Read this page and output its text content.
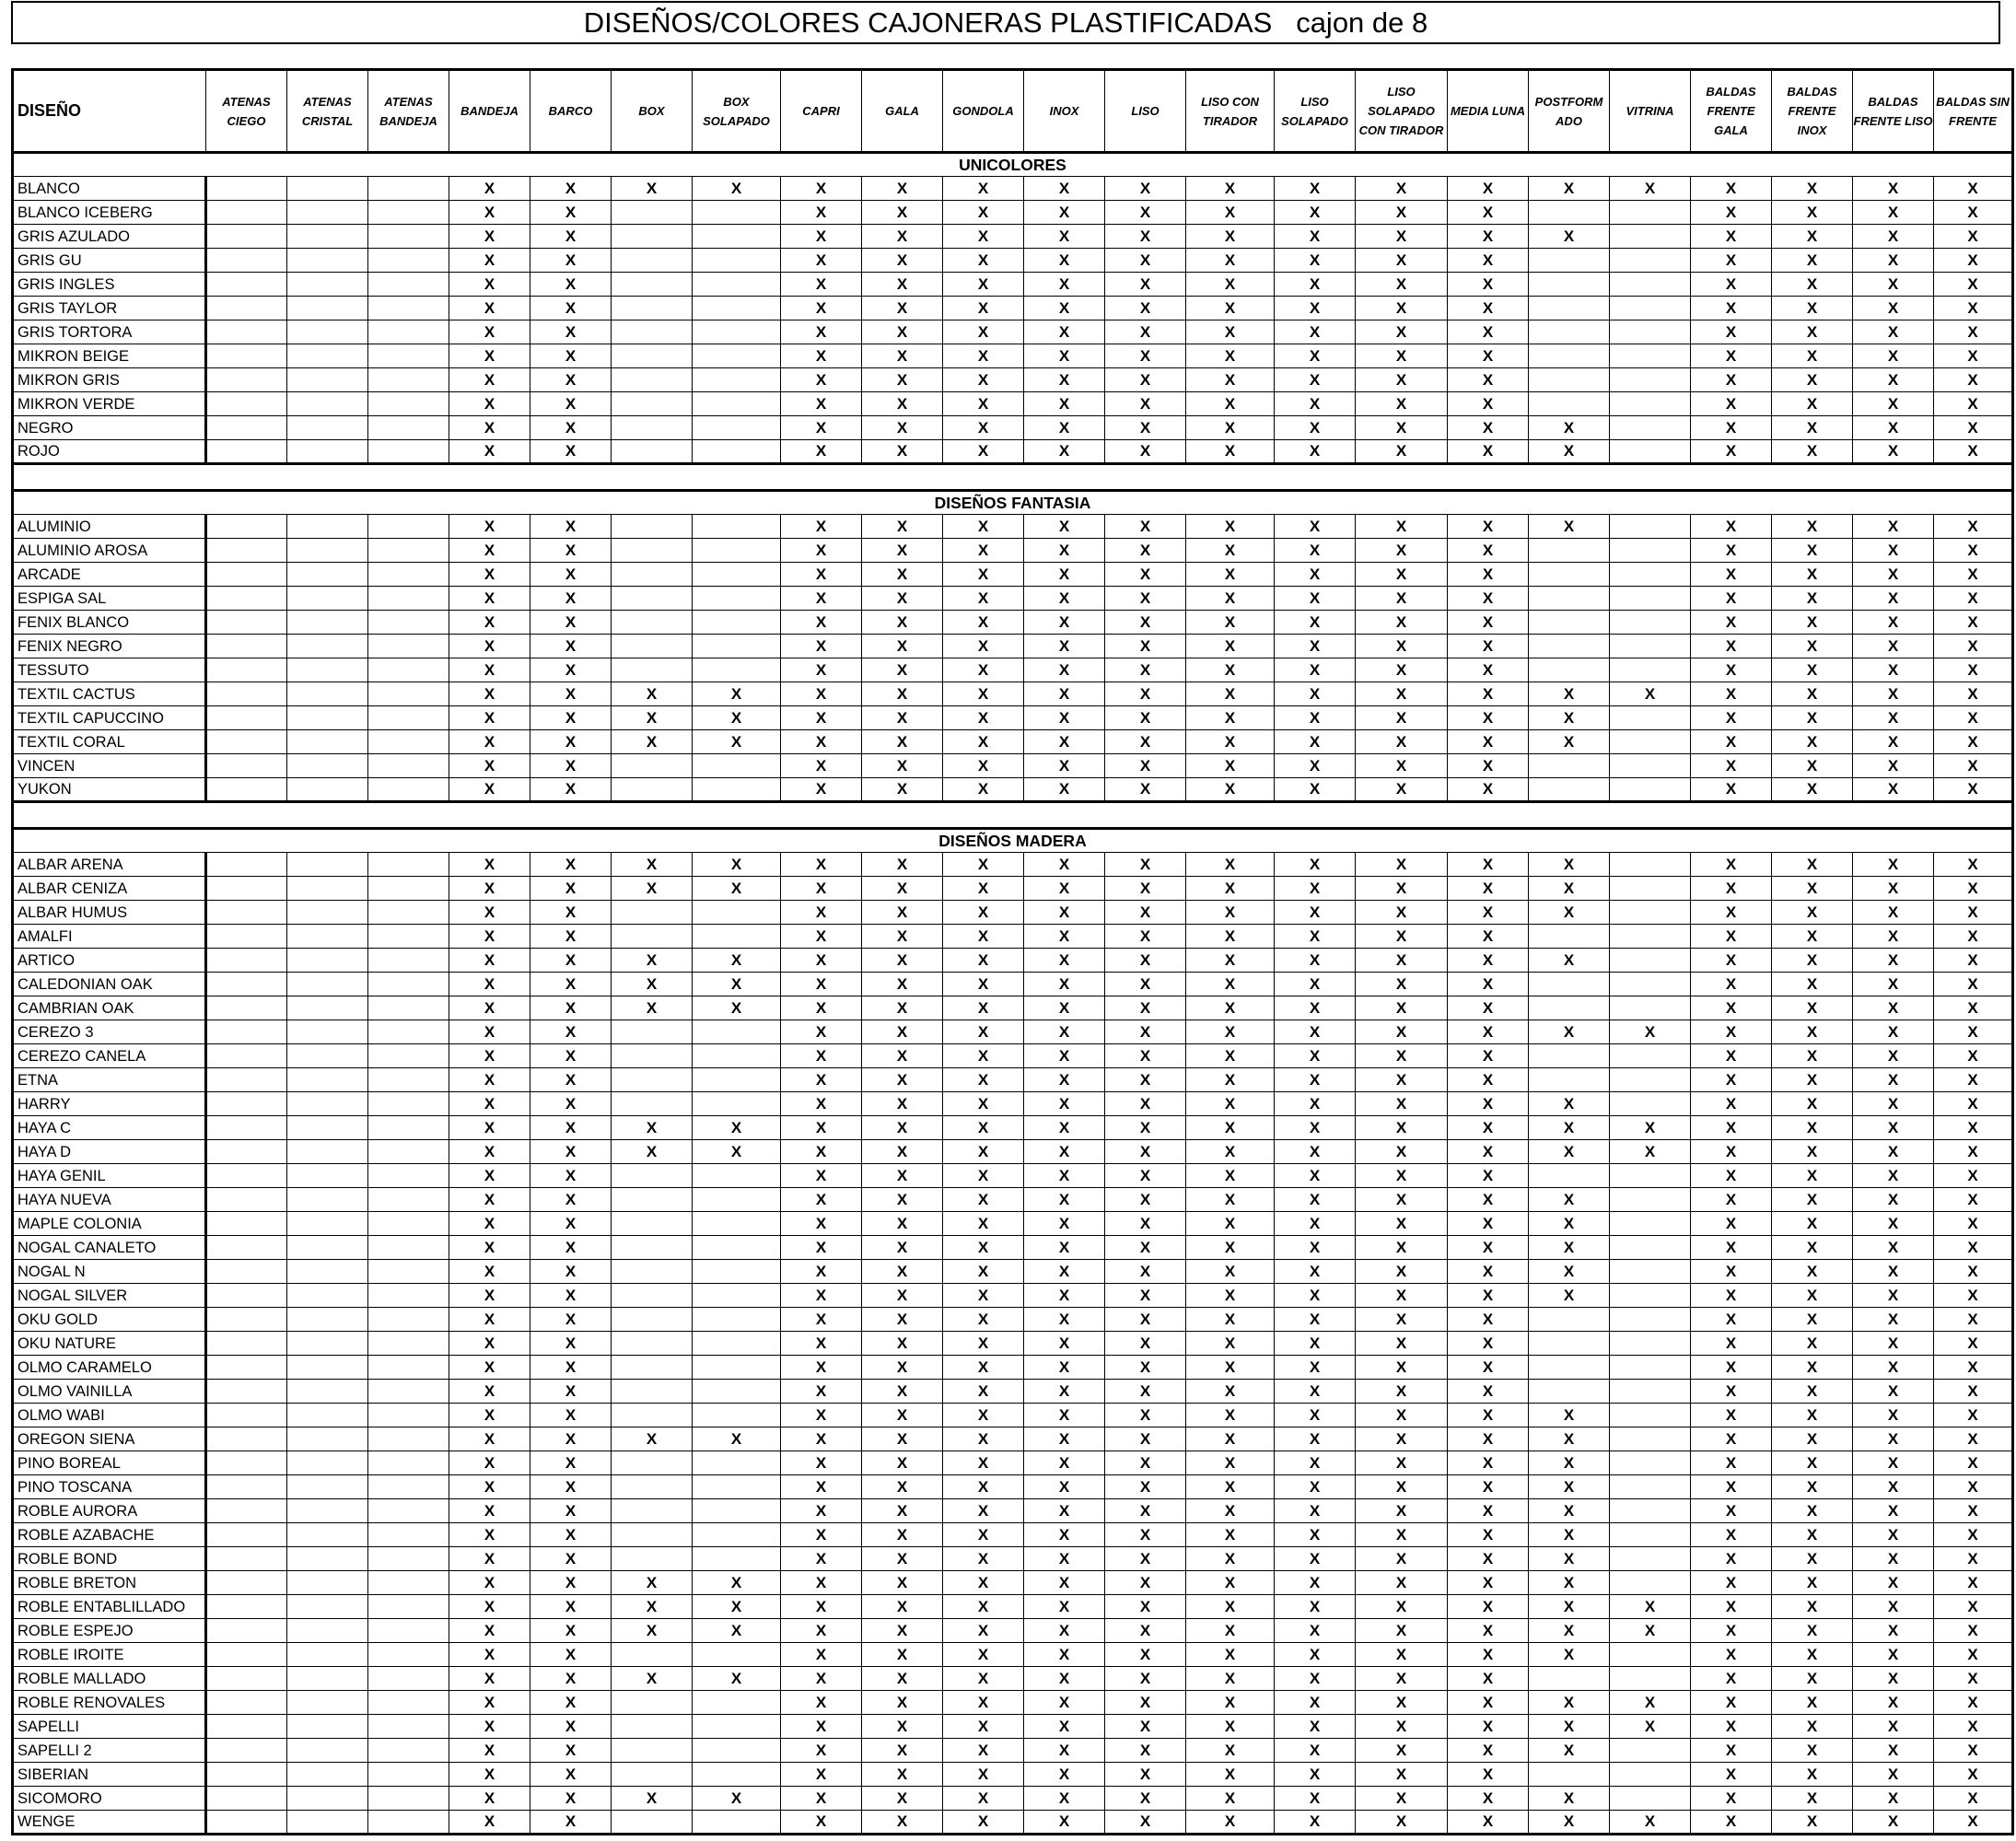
DISEÑOS/COLORES CAJONERAS PLASTIFICADAS   cajon de 8
DISEÑO	ATENAS CIEGO	ATENAS CRISTAL	ATENAS BANDEJA	BANDEJA	BARCO	BOX	BOX SOLAPADO	CAPRI	GALA	GONDOLA	INOX	LISO	LISO CON TIRADOR	LISO SOLAPADO	LISO SOLAPADO CON TIRADOR	MEDIA LUNA	POSTFORM ADO	VITRINA	BALDAS FRENTE GALA	BALDAS FRENTE INOX	BALDAS FRENTE LISO	BALDAS SIN FRENTE
UNICOLORES																						
BLANCO				X	X	X	X	X	X	X	X	X	X	X	X	X	X	X	X	X	X	X
BLANCO ICEBERG				X	X			X	X	X	X	X	X	X	X	X			X	X	X	X
GRIS AZULADO				X	X			X	X	X	X	X	X	X	X	X	X		X	X	X	X
GRIS GU				X	X			X	X	X	X	X	X	X	X	X			X	X	X	X
GRIS INGLES				X	X			X	X	X	X	X	X	X	X	X			X	X	X	X
GRIS TAYLOR				X	X			X	X	X	X	X	X	X	X	X			X	X	X	X
GRIS TORTORA				X	X			X	X	X	X	X	X	X	X	X			X	X	X	X
MIKRON BEIGE				X	X			X	X	X	X	X	X	X	X	X			X	X	X	X
MIKRON GRIS				X	X			X	X	X	X	X	X	X	X	X			X	X	X	X
MIKRON VERDE				X	X			X	X	X	X	X	X	X	X	X			X	X	X	X
NEGRO				X	X			X	X	X	X	X	X	X	X	X	X		X	X	X	X
ROJO				X	X			X	X	X	X	X	X	X	X	X	X		X	X	X	X

DISEÑOS FANTASIA																						
ALUMINIO				X	X			X	X	X	X	X	X	X	X	X	X		X	X	X	X
ALUMINIO AROSA				X	X			X	X	X	X	X	X	X	X	X			X	X	X	X
ARCADE				X	X			X	X	X	X	X	X	X	X	X			X	X	X	X
ESPIGA SAL				X	X			X	X	X	X	X	X	X	X	X			X	X	X	X
FENIX BLANCO				X	X			X	X	X	X	X	X	X	X	X			X	X	X	X
FENIX NEGRO				X	X			X	X	X	X	X	X	X	X	X			X	X	X	X
TESSUTO				X	X			X	X	X	X	X	X	X	X	X			X	X	X	X
TEXTIL CACTUS				X	X	X	X	X	X	X	X	X	X	X	X	X	X	X	X	X	X	X
TEXTIL CAPUCCINO				X	X	X	X	X	X	X	X	X	X	X	X	X	X		X	X	X	X
TEXTIL CORAL				X	X	X	X	X	X	X	X	X	X	X	X	X	X		X	X	X	X
VINCEN				X	X			X	X	X	X	X	X	X	X	X			X	X	X	X
YUKON				X	X			X	X	X	X	X	X	X	X	X			X	X	X	X

DISEÑOS MADERA																						
ALBAR ARENA				X	X	X	X	X	X	X	X	X	X	X	X	X	X		X	X	X	X
ALBAR CENIZA				X	X	X	X	X	X	X	X	X	X	X	X	X	X		X	X	X	X
ALBAR HUMUS				X	X			X	X	X	X	X	X	X	X	X	X		X	X	X	X
AMALFI				X	X			X	X	X	X	X	X	X	X	X			X	X	X	X
ARTICO				X	X	X	X	X	X	X	X	X	X	X	X	X	X		X	X	X	X
CALEDONIAN OAK				X	X	X	X	X	X	X	X	X	X	X	X	X			X	X	X	X
CAMBRIAN OAK				X	X	X	X	X	X	X	X	X	X	X	X	X			X	X	X	X
CEREZO 3				X	X			X	X	X	X	X	X	X	X	X	X	X	X	X	X	X
CEREZO CANELA				X	X			X	X	X	X	X	X	X	X	X			X	X	X	X
ETNA				X	X			X	X	X	X	X	X	X	X	X			X	X	X	X
HARRY				X	X			X	X	X	X	X	X	X	X	X	X		X	X	X	X
HAYA C				X	X	X	X	X	X	X	X	X	X	X	X	X	X	X	X	X	X	X
HAYA D				X	X	X	X	X	X	X	X	X	X	X	X	X	X	X	X	X	X	X
HAYA GENIL				X	X			X	X	X	X	X	X	X	X	X			X	X	X	X
HAYA NUEVA				X	X			X	X	X	X	X	X	X	X	X	X		X	X	X	X
MAPLE COLONIA				X	X			X	X	X	X	X	X	X	X	X	X		X	X	X	X
NOGAL CANALETO				X	X			X	X	X	X	X	X	X	X	X	X		X	X	X	X
NOGAL N				X	X			X	X	X	X	X	X	X	X	X	X		X	X	X	X
NOGAL SILVER				X	X			X	X	X	X	X	X	X	X	X	X		X	X	X	X
OKU GOLD				X	X			X	X	X	X	X	X	X	X	X			X	X	X	X
OKU NATURE				X	X			X	X	X	X	X	X	X	X	X			X	X	X	X
OLMO CARAMELO				X	X			X	X	X	X	X	X	X	X	X			X	X	X	X
OLMO VAINILLA				X	X			X	X	X	X	X	X	X	X	X			X	X	X	X
OLMO WABI				X	X			X	X	X	X	X	X	X	X	X	X		X	X	X	X
OREGON SIENA				X	X	X	X	X	X	X	X	X	X	X	X	X	X		X	X	X	X
PINO BOREAL				X	X			X	X	X	X	X	X	X	X	X	X		X	X	X	X
PINO TOSCANA				X	X			X	X	X	X	X	X	X	X	X	X		X	X	X	X
ROBLE AURORA				X	X			X	X	X	X	X	X	X	X	X	X		X	X	X	X
ROBLE AZABACHE				X	X			X	X	X	X	X	X	X	X	X	X		X	X	X	X
ROBLE BOND				X	X			X	X	X	X	X	X	X	X	X	X		X	X	X	X
ROBLE BRETON				X	X	X	X	X	X	X	X	X	X	X	X	X	X		X	X	X	X
ROBLE ENTABLILLADO				X	X	X	X	X	X	X	X	X	X	X	X	X	X	X	X	X	X	X
ROBLE ESPEJO				X	X	X	X	X	X	X	X	X	X	X	X	X	X	X	X	X	X	X
ROBLE IROITE				X	X			X	X	X	X	X	X	X	X	X	X		X	X	X	X
ROBLE MALLADO				X	X	X	X	X	X	X	X	X	X	X	X	X			X	X	X	X
ROBLE RENOVALES				X	X			X	X	X	X	X	X	X	X	X	X	X	X	X	X	X
SAPELLI				X	X			X	X	X	X	X	X	X	X	X	X	X	X	X	X	X
SAPELLI 2				X	X			X	X	X	X	X	X	X	X	X	X		X	X	X	X
SIBERIAN				X	X			X	X	X	X	X	X	X	X	X			X	X	X	X
SICOMORO				X	X	X	X	X	X	X	X	X	X	X	X	X	X		X	X	X	X
WENGE				X	X			X	X	X	X	X	X	X	X	X	X	X	X	X	X	X
